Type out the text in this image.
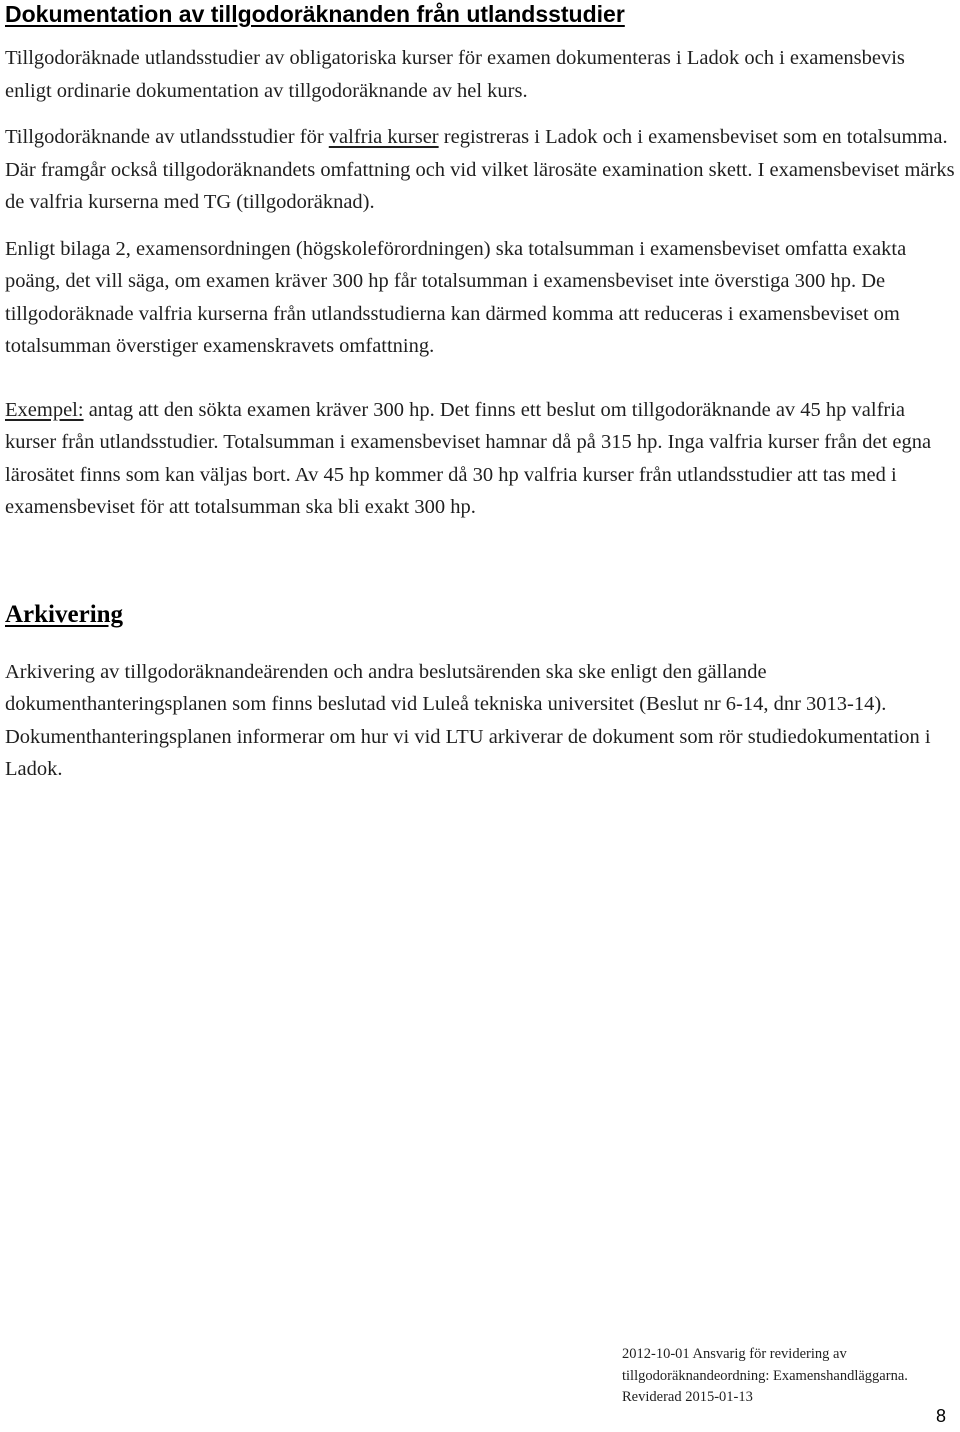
Dokumentation av tillgodoräknanden från utlandsstudier

Tillgodoräknade utlandsstudier av obligatoriska kurser för examen dokumenteras i Ladok och i examensbevis enligt ordinarie dokumentation av tillgodoräknande av hel kurs.

Tillgodoräknande av utlandsstudier för valfria kurser registreras i Ladok och i examensbeviset som en totalsumma. Där framgår också tillgodoräknandets omfattning och vid vilket lärosäte examination skett. I examensbeviset märks de valfria kurserna med TG (tillgodoräknad).

Enligt bilaga 2, examensordningen (högskoleförordningen) ska totalsumman i examensbeviset omfatta exakta poäng, det vill säga, om examen kräver 300 hp får totalsumman i examensbeviset inte överstiga 300 hp. De tillgodoräknade valfria kurserna från utlandsstudierna kan därmed komma att reduceras i examensbeviset om totalsumman överstiger examenskravets omfattning.

Exempel: antag att den sökta examen kräver 300 hp. Det finns ett beslut om tillgodoräknande av 45 hp valfria kurser från utlandsstudier. Totalsumman i examensbeviset hamnar då på 315 hp. Inga valfria kurser från det egna lärosätet finns som kan väljas bort. Av 45 hp kommer då 30 hp valfria kurser från utlandsstudier att tas med i examensbeviset för att totalsumman ska bli exakt 300 hp.

Arkivering

Arkivering av tillgodoräknandeärenden och andra beslutsärenden ska ske enligt den gällande dokumenthanteringsplanen som finns beslutad vid Luleå tekniska universitet (Beslut nr 6-14, dnr 3013-14). Dokumenthanteringsplanen informerar om hur vi vid LTU arkiverar de dokument som rör studiedokumentation i Ladok.

2012-10-01 Ansvarig för revidering av
tillgodoräknandeordning: Examenshandläggarna.
Reviderad 2015-01-13
8
